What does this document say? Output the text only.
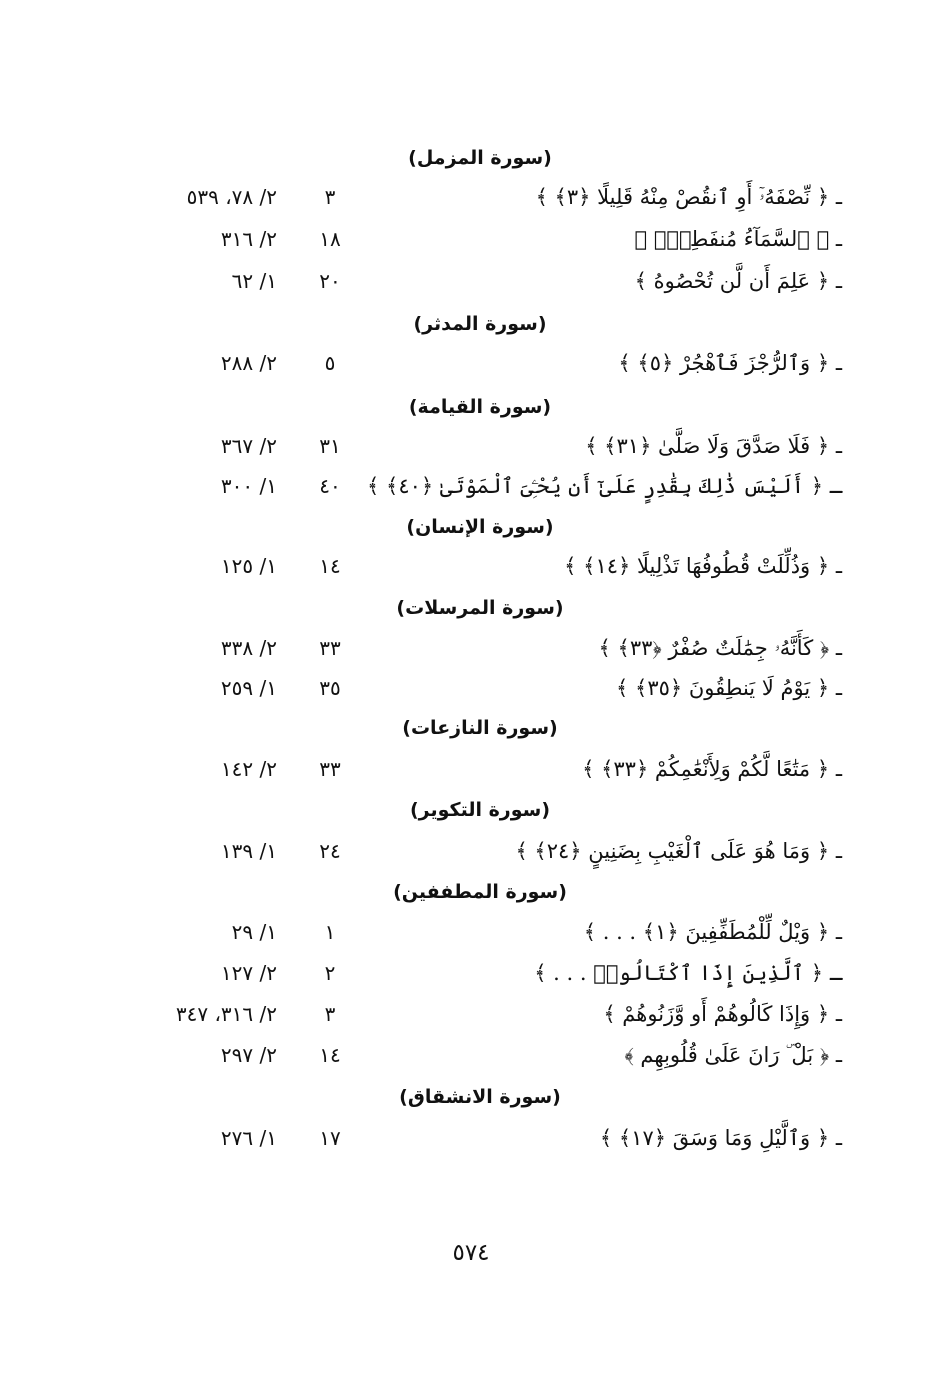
(سورة المزمل)
ـ ﴿ نِّصْفَهُۥٓ أَوِ ٱنقُصْ مِنْهُ قَلِيلًا ﴿٣﴾ ﴾
٣
٢/ ٧٨، ٥٣٩
ـ ﴿ ٱلسَّمَآءُ مُنفَطِرٌۢ ﴾
١٨
٢/ ٣١٦
ـ ﴿ عَلِمَ أَن لَّن تُحْصُوهُ ﴾
٢٠
١/ ٦٢
(سورة المدثر)
ـ ﴿ وَٱلرُّجْزَ فَٱهْجُرْ ﴿٥﴾ ﴾
٥
٢/ ٢٨٨
(سورة القيامة)
ـ ﴿ فَلَا صَدَّقَ وَلَا صَلَّىٰ ﴿٣١﴾ ﴾
٣١
٢/ ٣٦٧
ـ ﴿ أَلَيْسَ ذَٰلِكَ بِقَٰدِرٍ عَلَىٰٓ أَن يُحْـِۧىَ ٱلْمَوْتَىٰ ﴿٤٠﴾ ﴾
٤٠
١/ ٣٠٠
(سورة الإنسان)
ـ ﴿ وَذُلِّلَتْ قُطُوفُهَا تَذْلِيلًا ﴿١٤﴾ ﴾
١٤
١/ ١٢٥
(سورة المرسلات)
ـ ﴿ كَأَنَّهُۥ جِمَٰلَتٌ صُفْرٌ ﴿٣٣﴾ ﴾
٣٣
٢/ ٣٣٨
ـ ﴿ يَوْمُ لَا يَنطِقُونَ ﴿٣٥﴾ ﴾
٣٥
١/ ٢٥٩
(سورة النازعات)
ـ ﴿ مَتَٰعًا لَّكُمْ وَلِأَنْعَٰمِكُمْ ﴿٣٣﴾ ﴾
٣٣
٢/ ١٤٢
(سورة التكوير)
ـ ﴿ وَمَا هُوَ عَلَى ٱلْغَيْبِ بِضَنِينٍ ﴿٢٤﴾ ﴾
٢٤
١/ ١٣٩
(سورة المطففين)
ـ ﴿ وَيْلٌ لِّلْمُطَفِّفِينَ ﴿١﴾ . . . ﴾
١
١/ ٢٩
ـ ﴿ ٱلَّذِينَ إِذَا ٱكْتَالُوا۟ . . . ﴾
٢
٢/ ١٢٧
ـ ﴿ وَإِذَا كَالُوهُمْ أَو وَّزَنُوهُمْ ﴾
٣
٢/ ٣١٦، ٣٤٧
ـ ﴿ بَلْ ۜ رَانَ عَلَىٰ قُلُوبِهِم ﴾
١٤
٢/ ٢٩٧
(سورة الانشقاق)
ـ ﴿ وَٱلَّيْلِ وَمَا وَسَقَ ﴿١٧﴾ ﴾
١٧
١/ ٢٧٦
٥٧٤
